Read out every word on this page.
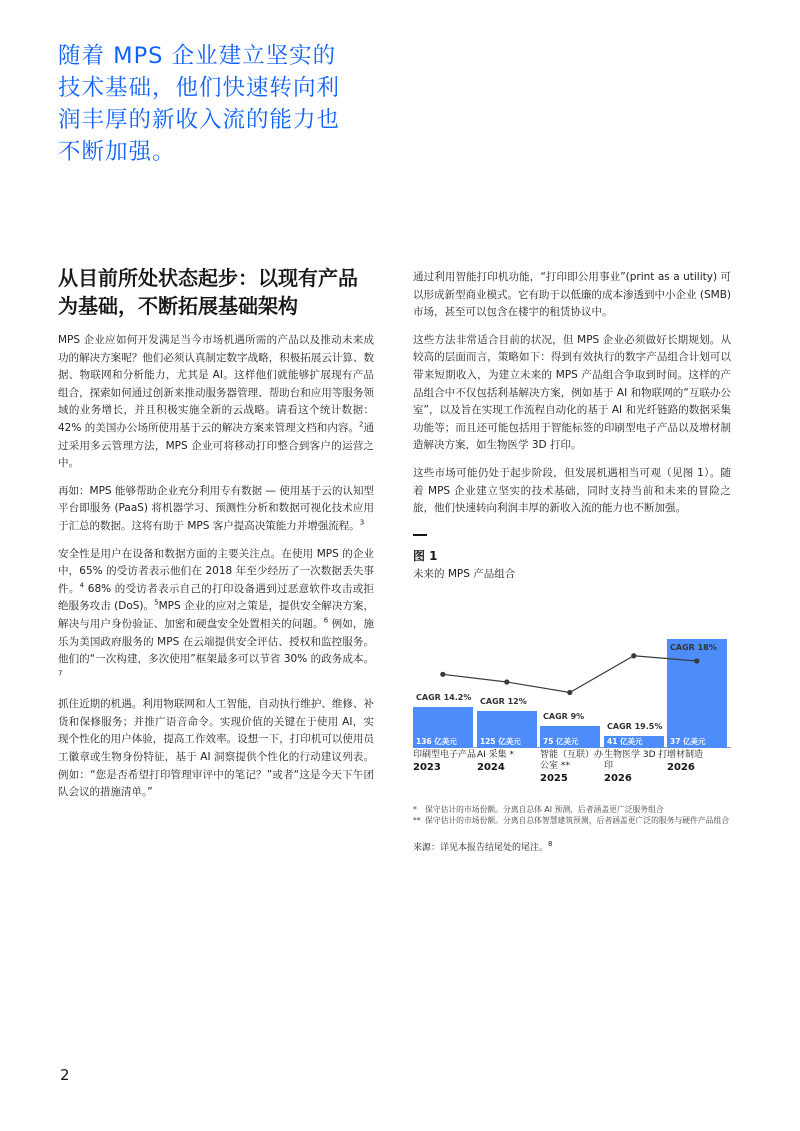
随着 MPS 企业建立坚实的技术基础，他们快速转向利润丰厚的新收入流的能力也不断加强。
从目前所处状态起步：以现有产品为基础，不断拓展基础架构

MPS 企业应如何开发满足当今市场机遇所需的产品以及推动未来成功的解决方案呢？他们必须认真制定数字战略，积极拓展云计算、数据、物联网和分析能力，尤其是 AI。这样他们就能够扩展现有产品组合，探索如何通过创新来推动服务器管理、帮助台和应用等服务领域的业务增长，并且积极实施全新的云战略。请看这个统计数据：42% 的美国办公场所使用基于云的解决方案来管理文档和内容。$^2$通过采用多云管理方法，MPS 企业可将移动打印整合到客户的运营之中。

再如：MPS 能够帮助企业充分利用专有数据 — 使用基于云的认知型平台即服务 (PaaS) 将机器学习、预测性分析和数据可视化技术应用于汇总的数据。这将有助于 MPS 客户提高决策能力并增强流程。$^3$

安全性是用户在设备和数据方面的主要关注点。在使用 MPS 的企业中，65% 的受访者表示他们在 2018 年至少经历了一次数据丢失事件。$^4$ 68% 的受访者表示自己的打印设备遇到过恶意软件攻击或拒绝服务攻击 (DoS)。$^5$MPS 企业的应对之策是，提供安全解决方案，解决与用户身份验证、加密和硬盘安全处置相关的问题。$^6$ 例如，施乐为美国政府服务的 MPS 在云端提供安全评估、授权和监控服务。他们的“一次构建，多次使用”框架最多可以节省 30% 的政务成本。$^7$

抓住近期的机遇。利用物联网和人工智能，自动执行维护、维修、补货和保修服务；并推广语音命令。实现价值的关键在于使用 AI，实现个性化的用户体验，提高工作效率。设想一下，打印机可以使用员工徽章或生物身份特征，基于 AI 洞察提供个性化的行动建议列表。例如：“您是否希望打印管理审评中的笔记？”或者“这是今天下午团队会议的措施清单。”

通过利用智能打印机功能，“打印即公用事业”(print as a utility) 可以形成新型商业模式。它有助于以低廉的成本渗透到中小企业 (SMB) 市场，甚至可以包含在楼宇的租赁协议中。

这些方法非常适合目前的状况，但 MPS 企业必须做好长期规划。从较高的层面而言，策略如下：得到有效执行的数字产品组合计划可以带来短期收入，为建立未来的 MPS 产品组合争取到时间。这样的产品组合中不仅包括利基解决方案，例如基于 AI 和物联网的“互联办公室”，以及旨在实现工作流程自动化的基于 AI 和光纤链路的数据采集功能等；而且还可能包括用于智能标签的印刷型电子产品以及增材制造解决方案，如生物医学 3D 打印。

这些市场可能仍处于起步阶段，但发展机遇相当可观（见图 1）。随着 MPS 企业建立坚实的技术基础，同时支持当前和未来的冒险之旅，他们快速转向利润丰厚的新收入流的能力也不断加强。

图 1

未来的 MPS 产品组合

136 亿美元
CAGR 14.2%
125 亿美元
CAGR 12%
75 亿美元
CAGR 9%
41 亿美元
CAGR 19.5%
37 亿美元
CAGR 18%
印刷型电子产品
2023
AI 采集 *
2024
智能（互联）办公室 **
2025
生物医学 3D 打印
2026
增材制造
2026

*	保守估计的市场份额。分离自总体 AI 预测，后者涵盖更广泛服务组合

** 保守估计的市场份额。分离自总体智慧建筑预测，后者涵盖更广泛的服务与硬件产品组合

来源：详见本报告结尾处的尾注。$^8$

2
